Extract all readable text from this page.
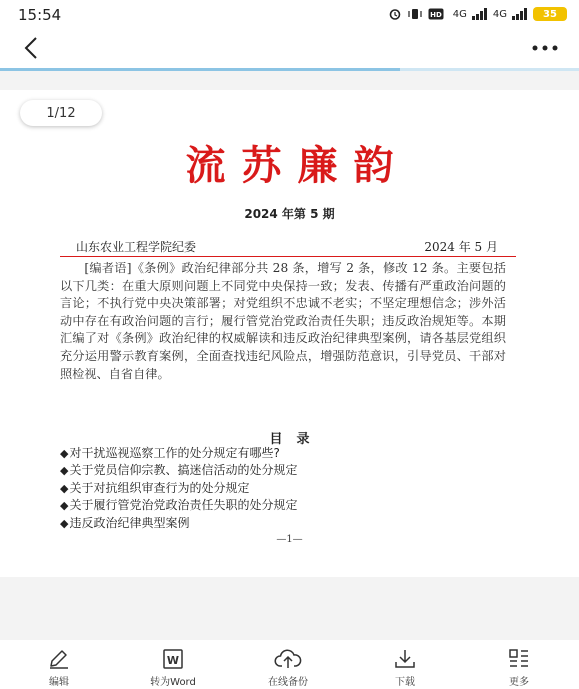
15:54	HD 4G	4G	35
1/12
流苏廉韵
2024 年第 5 期
山东农业工程学院纪委	2024 年 5 月

[编者语]《条例》政治纪律部分共 28 条，增写 2 条，修改 12 条。主要包括以下几类：在重大原则问题上不同党中央保持一致；发表、传播有严重政治问题的言论；不执行党中央决策部署；对党组织不忠诚不老实；不坚定理想信念；涉外活动中存在有政治问题的言行；履行管党治党政治责任失职；违反政治规矩等。本期汇编了对《条例》政治纪律的权威解读和违反政治纪律典型案例，请各基层党组织充分运用警示教育案例，全面查找违纪风险点，增强防范意识，引导党员、干部对照检视、自省自律。

目录
◆对干扰巡视巡察工作的处分规定有哪些?
◆关于党员信仰宗教、搞迷信活动的处分规定
◆关于对抗组织审查行为的处分规定
◆关于履行管党治党政治责任失职的处分规定
◆违反政治纪律典型案例
—1—
编辑
W
转为Word	在线备份	下载	更多
